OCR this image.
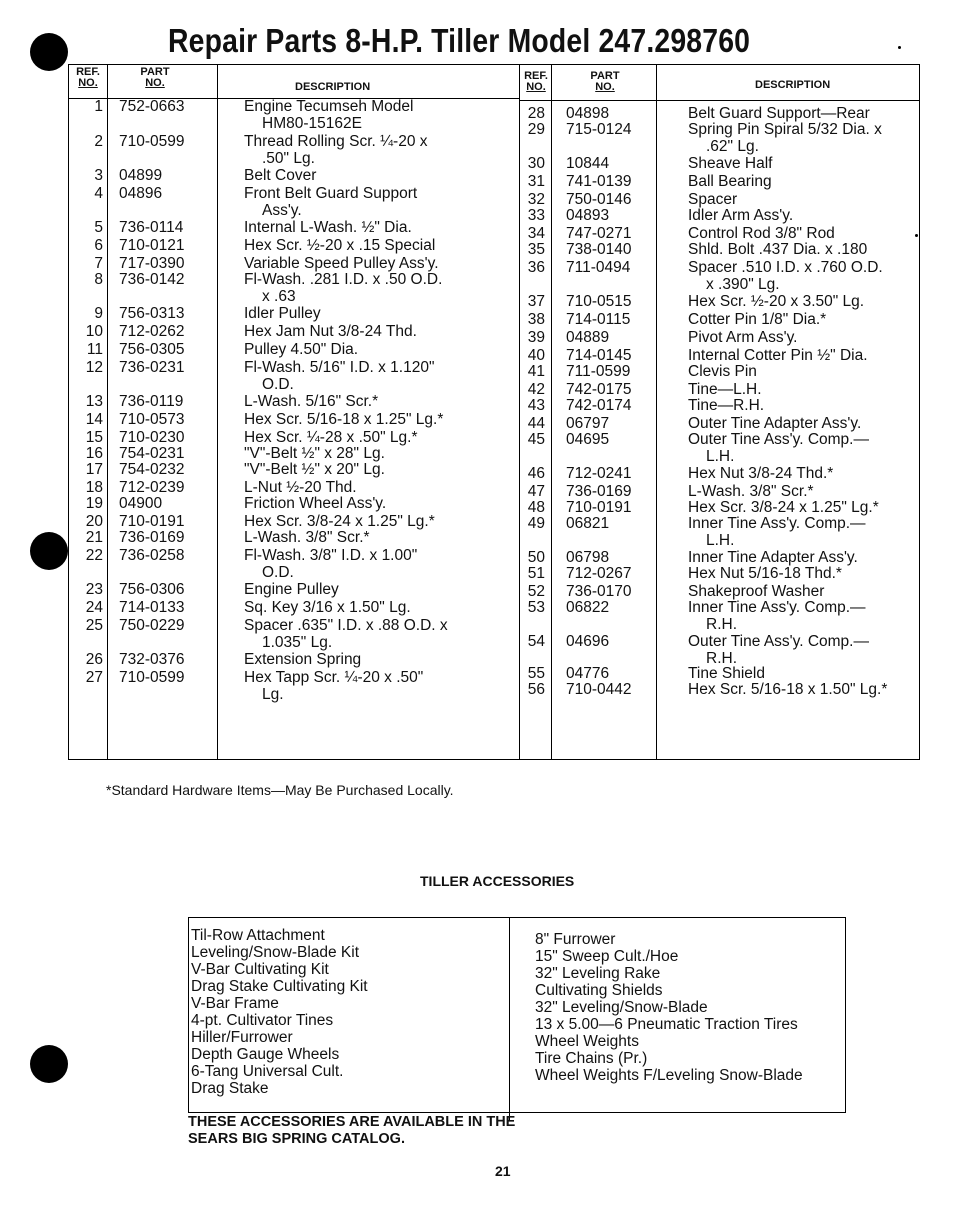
Repair Parts 8-H.P. Tiller Model 247.298760
REF.
NO.
PART
NO.	DESCRIPTION
REF.
NO.
PART
NO.	DESCRIPTION
1 752-0663	Engine Tecumseh Model
HM80-15162E
2 710-0599	Thread Rolling Scr. ¼-20 x
.50" Lg.
3 04899	Belt Cover
4 04896	Front Belt Guard Support
Ass'y.
5 736-0114	Internal L-Wash. ½" Dia.
6 710-0121	Hex Scr. ½-20 x .15 Special
7 717-0390	Variable Speed Pulley Ass'y.
8 736-0142	Fl-Wash. .281 I.D. x .50 O.D.
x .63
9 756-0313	Idler Pulley
10 712-0262	Hex Jam Nut 3/8-24 Thd.
11 756-0305	Pulley 4.50" Dia.
12 736-0231	Fl-Wash. 5/16" I.D. x 1.120"
O.D.
13 736-0119	L-Wash. 5/16" Scr.*
14 710-0573	Hex Scr. 5/16-18 x 1.25" Lg.*
15 710-0230	Hex Scr. ¼-28 x .50" Lg.*
16 754-0231	"V"-Belt ½" x 28" Lg.
17 754-0232	"V"-Belt ½" x 20" Lg.
18 712-0239	L-Nut ½-20 Thd.
19 04900	Friction Wheel Ass'y.
20 710-0191	Hex Scr. 3/8-24 x 1.25" Lg.*
21 736-0169	L-Wash. 3/8" Scr.*
22 736-0258	Fl-Wash. 3/8" I.D. x 1.00"
O.D.
23 756-0306	Engine Pulley
24 714-0133	Sq. Key 3/16 x 1.50" Lg.
25 750-0229	Spacer .635" I.D. x .88 O.D. x
1.035" Lg.
26 732-0376	Extension Spring
27 710-0599	Hex Tapp Scr. ¼-20 x .50"
Lg.
28 04898	Belt Guard Support—Rear
29 715-0124	Spring Pin Spiral 5/32 Dia. x
.62" Lg.
30 10844	Sheave Half
31 741-0139	Ball Bearing
32 750-0146	Spacer
33 04893	Idler Arm Ass'y.
34 747-0271	Control Rod 3/8" Rod
35 738-0140	Shld. Bolt .437 Dia. x .180
36 711-0494	Spacer .510 I.D. x .760 O.D.
x .390" Lg.
37 710-0515	Hex Scr. ½-20 x 3.50" Lg.
38 714-0115	Cotter Pin 1/8" Dia.*
39 04889	Pivot Arm Ass'y.
40 714-0145	Internal Cotter Pin ½" Dia.
41 711-0599	Clevis Pin
42 742-0175	Tine—L.H.
43 742-0174	Tine—R.H.
44 06797	Outer Tine Adapter Ass'y.
45 04695	Outer Tine Ass'y. Comp.—
L.H.
46 712-0241	Hex Nut 3/8-24 Thd.*
47 736-0169	L-Wash. 3/8" Scr.*
48 710-0191	Hex Scr. 3/8-24 x 1.25" Lg.*
49 06821	Inner Tine Ass'y. Comp.—
L.H.
50 06798	Inner Tine Adapter Ass'y.
51 712-0267	Hex Nut 5/16-18 Thd.*
52 736-0170	Shakeproof Washer
53 06822	Inner Tine Ass'y. Comp.—
R.H.
54 04696	Outer Tine Ass'y. Comp.—
R.H.
55 04776	Tine Shield
56 710-0442	Hex Scr. 5/16-18 x 1.50" Lg.*
*Standard Hardware Items—May Be Purchased Locally.
TILLER ACCESSORIES
Til-Row Attachment
Leveling/Snow-Blade Kit
V-Bar Cultivating Kit
Drag Stake Cultivating Kit
V-Bar Frame
4-pt. Cultivator Tines
Hiller/Furrower
Depth Gauge Wheels
6-Tang Universal Cult.
Drag Stake
8" Furrower
15" Sweep Cult./Hoe
32" Leveling Rake
Cultivating Shields
32" Leveling/Snow-Blade
13 x 5.00—6 Pneumatic Traction Tires
Wheel Weights
Tire Chains (Pr.)
Wheel Weights F/Leveling Snow-Blade
THESE ACCESSORIES ARE AVAILABLE IN THE
SEARS BIG SPRING CATALOG.
21
